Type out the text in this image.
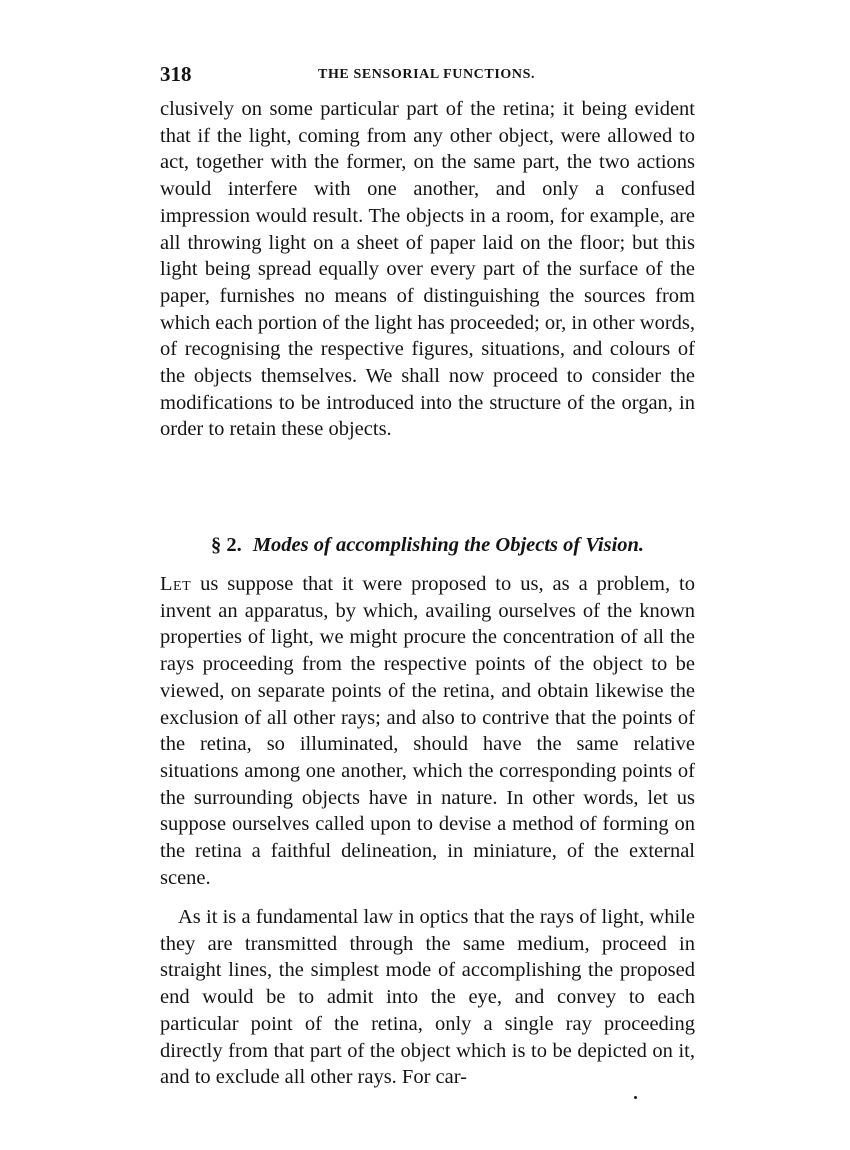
318	THE SENSORIAL FUNCTIONS.

clusively on some particular part of the retina; it being evident that if the light, coming from any other object, were allowed to act, together with the former, on the same part, the two actions would interfere with one another, and only a confused impression would result. The objects in a room, for example, are all throwing light on a sheet of paper laid on the floor; but this light being spread equally over every part of the surface of the paper, furnishes no means of distinguishing the sources from which each portion of the light has proceeded; or, in other words, of recognising the respective figures, situations, and colours of the objects themselves. We shall now proceed to consider the modifications to be introduced into the structure of the organ, in order to retain these objects.

§ 2. Modes of accomplishing the Objects of Vision.

Let us suppose that it were proposed to us, as a problem, to invent an apparatus, by which, availing ourselves of the known properties of light, we might procure the concentration of all the rays proceeding from the respective points of the object to be viewed, on separate points of the retina, and obtain likewise the exclusion of all other rays; and also to contrive that the points of the retina, so illuminated, should have the same relative situations among one another, which the corresponding points of the surrounding objects have in nature. In other words, let us suppose ourselves called upon to devise a method of forming on the retina a faithful delineation, in miniature, of the external scene.

As it is a fundamental law in optics that the rays of light, while they are transmitted through the same medium, proceed in straight lines, the simplest mode of accomplishing the proposed end would be to admit into the eye, and convey to each particular point of the retina, only a single ray proceeding directly from that part of the object which is to be depicted on it, and to exclude all other rays. For car-
